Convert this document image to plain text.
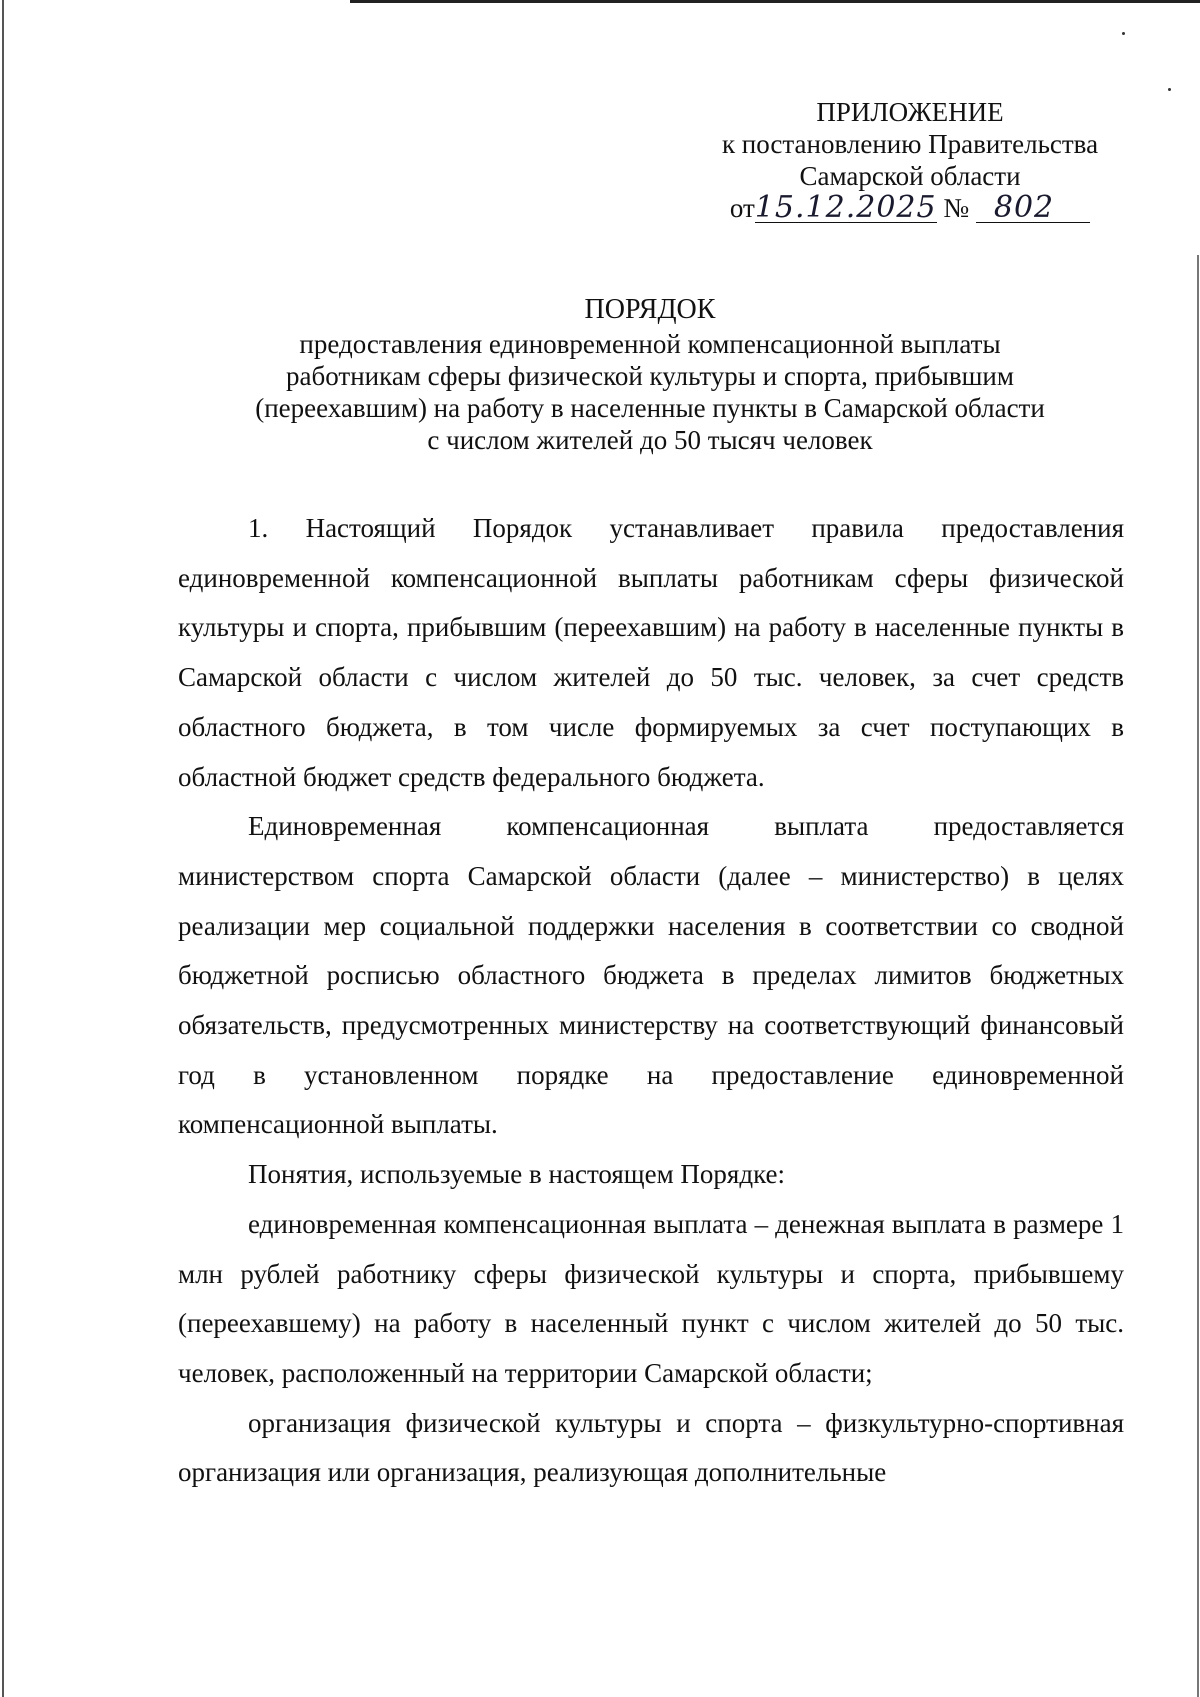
ПРИЛОЖЕНИЕ
к постановлению Правительства
Самарской области
от15.12.2025 № 802
ПОРЯДОК
предоставления единовременной компенсационной выплаты
работникам сферы физической культуры и спорта, прибывшим
(переехавшим) на работу в населенные пункты в Самарской области
с числом жителей до 50 тысяч человек

1. Настоящий Порядок устанавливает правила предоставления единовременной компенсационной выплаты работникам сферы физической культуры и спорта, прибывшим (переехавшим) на работу в населенные пункты в Самарской области с числом жителей до 50 тыс. человек, за счет средств областного бюджета, в том числе формируемых за счет поступающих в областной бюджет средств федерального бюджета.

Единовременная компенсационная выплата предоставляется министерством спорта Самарской области (далее – министерство) в целях реализации мер социальной поддержки населения в соответствии со сводной бюджетной росписью областного бюджета в пределах лимитов бюджетных обязательств, предусмотренных министерству на соответствующий финансовый год в установленном порядке на предоставление единовременной компенсационной выплаты.

Понятия, используемые в настоящем Порядке:

единовременная компенсационная выплата – денежная выплата в размере 1 млн рублей работнику сферы физической культуры и спорта, прибывшему (переехавшему) на работу в населенный пункт с числом жителей до 50 тыс. человек, расположенный на территории Самарской области;

организация физической культуры и спорта – физкультурно-спортивная организация или организация, реализующая дополнительные
